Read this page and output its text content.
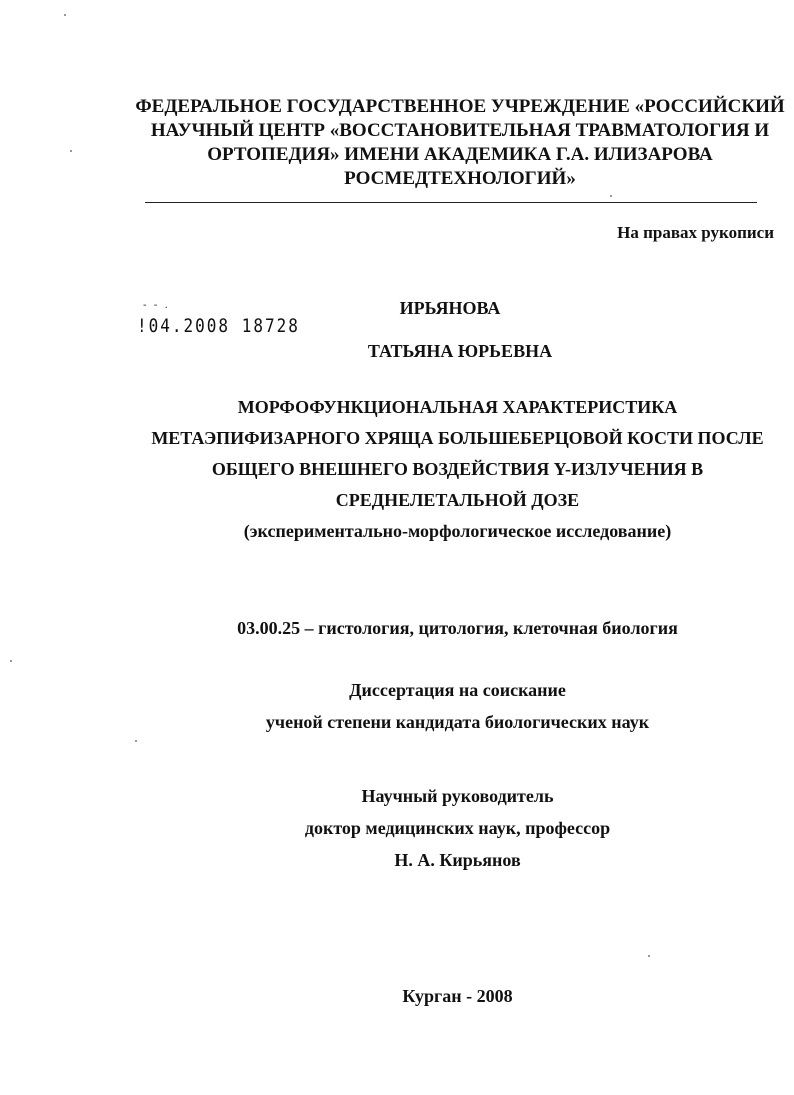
ФЕДЕРАЛЬНОЕ ГОСУДАРСТВЕННОЕ УЧРЕЖДЕНИЕ «РОССИЙСКИЙ
НАУЧНЫЙ ЦЕНТР «ВОССТАНОВИТЕЛЬНАЯ ТРАВМАТОЛОГИЯ И
ОРТОПЕДИЯ» ИМЕНИ АКАДЕМИКА Г.А. ИЛИЗАРОВА
РОСМЕДТЕХНОЛОГИЙ»
На правах рукописи
- - .
!04.2008 18728
ИРЬЯНОВА
ТАТЬЯНА ЮРЬЕВНА
МОРФОФУНКЦИОНАЛЬНАЯ ХАРАКТЕРИСТИКА
МЕТАЭПИФИЗАРНОГО ХРЯЩА БОЛЬШЕБЕРЦОВОЙ КОСТИ ПОСЛЕ
ОБЩЕГО ВНЕШНЕГО ВОЗДЕЙСТВИЯ Y-ИЗЛУЧЕНИЯ В
СРЕДНЕЛЕТАЛЬНОЙ ДОЗЕ
(экспериментально-морфологическое исследование)
03.00.25 – гистология, цитология, клеточная биология
Диссертация на соискание
ученой степени кандидата биологических наук
Научный руководитель
доктор медицинских наук, профессор
Н. А. Кирьянов
Курган - 2008
